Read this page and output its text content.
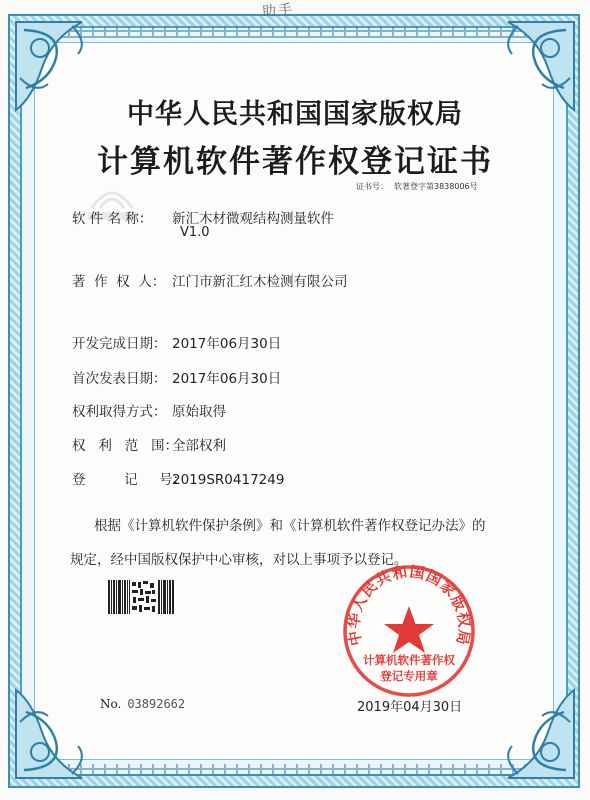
助手
中华人民共和国国家版权局
计算机软件著作权登记证书
证书号： 软著登字第3838006号
软 件 名 称： 新汇木材微观结构测量软件
V1.0
著  作  权  人： 江门市新汇红木检测有限公司
开发完成日期： 2017年06月30日
首次发表日期： 2017年06月30日
权利取得方式： 原始取得
权   利   范   围：全部权利
登         记     号：2019SR0417249
根据《计算机软件保护条例》和《计算机软件著作权登记办法》的
规定，经中国版权保护中心审核，对以上事项予以登记。
中华人民共和国国家版权局
计算机软件著作权
登记专用章
No. 03892662	2019年04月30日
